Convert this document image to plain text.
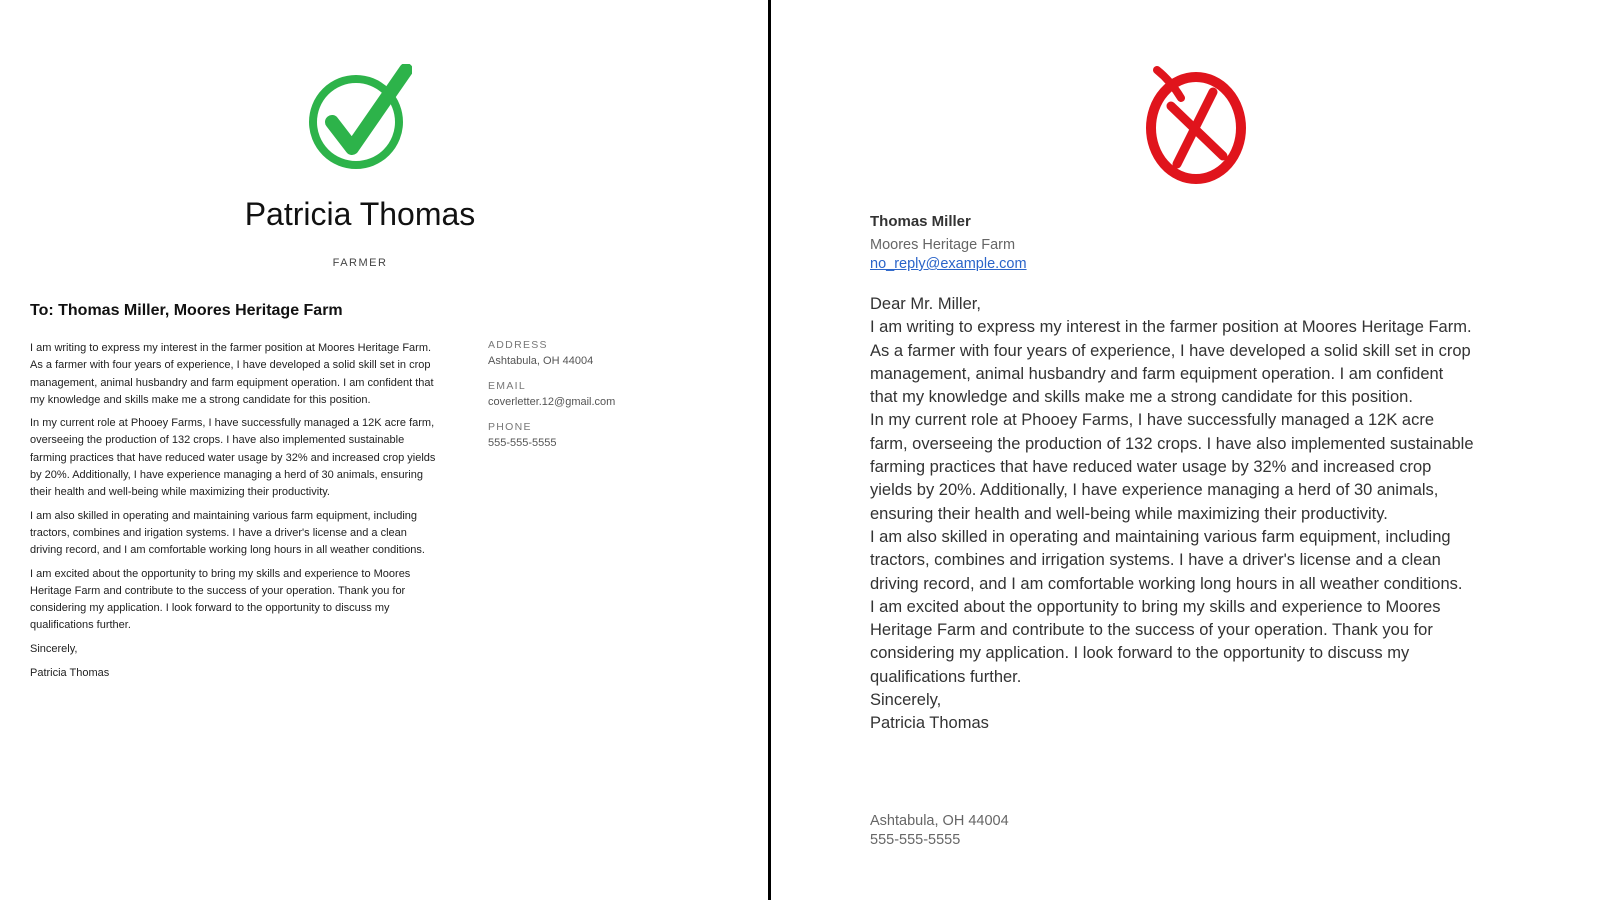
Patricia Thomas
FARMER
To: Thomas Miller, Moores Heritage Farm

I am writing to express my interest in the farmer position at Moores Heritage Farm. As a farmer with four years of experience, I have developed a solid skill set in crop management, animal husbandry and farm equipment operation. I am confident that my knowledge and skills make me a strong candidate for this position.

In my current role at Phooey Farms, I have successfully managed a 12K acre farm, overseeing the production of 132 crops. I have also implemented sustainable farming practices that have reduced water usage by 32% and increased crop yields by 20%. Additionally, I have experience managing a herd of 30 animals, ensuring their health and well-being while maximizing their productivity.

I am also skilled in operating and maintaining various farm equipment, including tractors, combines and irigation systems. I have a driver's license and a clean driving record, and I am comfortable working long hours in all weather conditions.

I am excited about the opportunity to bring my skills and experience to Moores Heritage Farm and contribute to the success of your operation. Thank you for considering my application. I look forward to the opportunity to discuss my qualifications further.

Sincerely,

Patricia Thomas

ADDRESS

Ashtabula, OH 44004

EMAIL

coverletter.12@gmail.com

PHONE

555-555-5555

Thomas Miller
Moores Heritage Farm
no_reply@example.com

Dear Mr. Miller,

I am writing to express my interest in the farmer position at Moores Heritage Farm. As a farmer with four years of experience, I have developed a solid skill set in crop management, animal husbandry and farm equipment operation. I am confident that my knowledge and skills make me a strong candidate for this position.

In my current role at Phooey Farms, I have successfully managed a 12K acre farm, overseeing the production of 132 crops. I have also implemented sustainable farming practices that have reduced water usage by 32% and increased crop yields by 20%. Additionally, I have experience managing a herd of 30 animals, ensuring their health and well-being while maximizing their productivity.

I am also skilled in operating and maintaining various farm equipment, including tractors, combines and irrigation systems. I have a driver's license and a clean driving record, and I am comfortable working long hours in all weather conditions.

I am excited about the opportunity to bring my skills and experience to Moores Heritage Farm and contribute to the success of your operation. Thank you for considering my application. I look forward to the opportunity to discuss my qualifications further.

Sincerely,

Patricia Thomas

Ashtabula, OH 44004
555-555-5555
